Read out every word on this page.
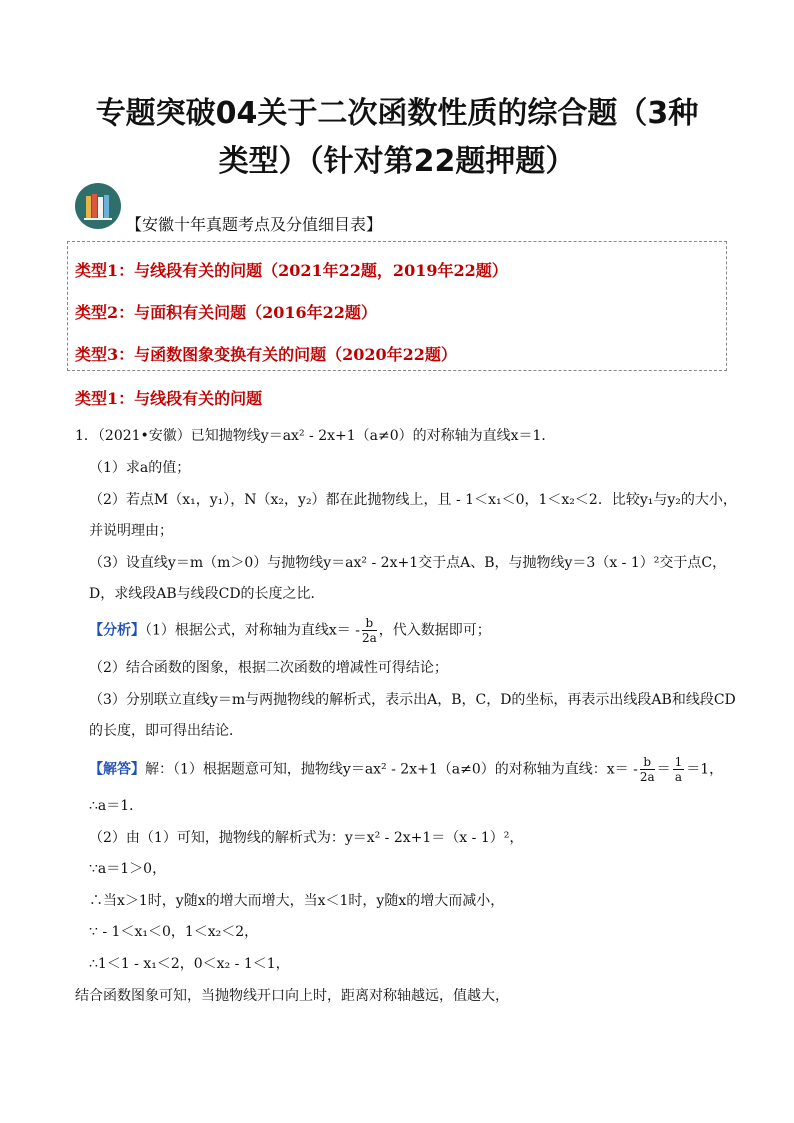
专题突破04关于二次函数性质的综合题（3种
类型）（针对第22题押题）
【安徽十年真题考点及分值细目表】
类型1：与线段有关的问题（2021年22题，2019年22题）
类型2：与面积有关问题（2016年22题）
类型3：与函数图象变换有关的问题（2020年22题）
类型1：与线段有关的问题
1．（2021•安徽）已知抛物线y＝ax² - 2x+1（a≠0）的对称轴为直线x＝1．
（1）求a的值；
（2）若点M（x₁，y₁），N（x₂，y₂）都在此抛物线上，且 - 1＜x₁＜0，1＜x₂＜2．比较y₁与y₂的大小，
并说明理由；
（3）设直线y＝m（m＞0）与抛物线y＝ax² - 2x+1交于点A、B，与抛物线y＝3（x - 1）²交于点C，
D，求线段AB与线段CD的长度之比．
【分析】（1）根据公式，对称轴为直线$x= - \frac{b}{2a}$ ，代入数据即可；
（2）结合函数的图象，根据二次函数的增减性可得结论；
（3）分别联立直线y＝m与两抛物线的解析式，表示出A，B，C，D的坐标，再表示出线段AB和线段CD
的长度，即可得出结论．
【解答】解：（1）根据题意可知，抛物线y＝ax² - 2x+1（a≠0）的对称轴为直线：$x= - \frac{b}{2a} = \frac{1}{a} =1$，
∴a＝1．
（2）由（1）可知，抛物线的解析式为：y＝x² - 2x+1＝（x - 1）²，
∵a＝1＞0，
∴当x＞1时，y随x的增大而增大，当x＜1时，y随x的增大而减小，
∵ - 1＜x₁＜0，1＜x₂＜2，
∴1＜1 - x₁＜2，0＜x₂ - 1＜1，
结合函数图象可知，当抛物线开口向上时，距离对称轴越远，值越大，
